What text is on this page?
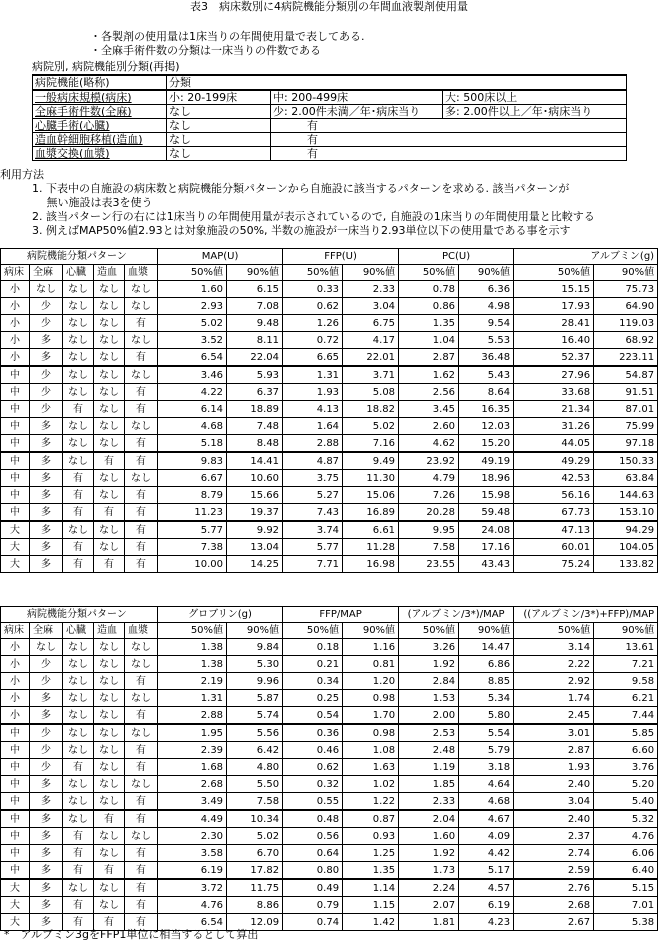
表3　病床数別に4病院機能分類別の年間血液製剤使用量
・各製剤の使用量は1床当りの年間使用量で表してある.
・全麻手術件数の分類は一床当りの件数である
病院別, 病院機能別分類(再掲)
病院機能(略称)	分類		
一般病床規模(病床)	小: 20-199床	中: 200-499床	大: 500床以上
全麻手術件数(全麻)	なし	少: 2.00件未満／年･病床当り	多: 2.00件以上／年･病床当り
心臓手術(心臓)	なし	有	
造血幹細胞移植(造血)	なし	有	
血漿交換(血漿)	なし	有	
利用方法
1. 下表中の自施設の病床数と病院機能分類パターンから自施設に該当するパターンを求める. 該当パターンが
　 無い施設は表3を使う
2. 該当パターン行の右には1床当りの年間使用量が表示されているので, 自施設の1床当りの年間使用量と比較する
3. 例えばMAP50%値2.93とは対象施設の50%, 半数の施設が一床当り2.93単位以下の使用量である事を示す
病院機能分類パターン					MAP(U)		FFP(U)		PC(U)		アルブミン(g)	
病床	全麻	心臓	造血	血漿	50%値	90%値	50%値	90%値	50%値	90%値	50%値	90%値
小	なし	なし	なし	なし	1.60	6.15	0.33	2.33	0.78	6.36	15.15	75.73
小	少	なし	なし	なし	2.93	7.08	0.62	3.04	0.86	4.98	17.93	64.90
小	少	なし	なし	有	5.02	9.48	1.26	6.75	1.35	9.54	28.41	119.03
小	多	なし	なし	なし	3.52	8.11	0.72	4.17	1.04	5.53	16.40	68.92
小	多	なし	なし	有	6.54	22.04	6.65	22.01	2.87	36.48	52.37	223.11
中	少	なし	なし	なし	3.46	5.93	1.31	3.71	1.62	5.43	27.96	54.87
中	少	なし	なし	有	4.22	6.37	1.93	5.08	2.56	8.64	33.68	91.51
中	少	有	なし	有	6.14	18.89	4.13	18.82	3.45	16.35	21.34	87.01
中	多	なし	なし	なし	4.68	7.48	1.64	5.02	2.60	12.03	31.26	75.99
中	多	なし	なし	有	5.18	8.48	2.88	7.16	4.62	15.20	44.05	97.18
中	多	なし	有	有	9.83	14.41	4.87	9.49	23.92	49.19	49.29	150.33
中	多	有	なし	なし	6.67	10.60	3.75	11.30	4.79	18.96	42.53	63.84
中	多	有	なし	有	8.79	15.66	5.27	15.06	7.26	15.98	56.16	144.63
中	多	有	有	有	11.23	19.37	7.43	16.89	20.28	59.48	67.73	153.10
大	多	なし	なし	有	5.77	9.92	3.74	6.61	9.95	24.08	47.13	94.29
大	多	有	なし	有	7.38	13.04	5.77	11.28	7.58	17.16	60.01	104.05
大	多	有	有	有	10.00	14.25	7.71	16.98	23.55	43.43	75.24	133.82
病院機能分類パターン					グロブリン(g)		FFP/MAP		(アルブミン/3*)/MAP		((アルブミン/3*)+FFP)/MAP	
病床	全麻	心臓	造血	血漿	50%値	90%値	50%値	90%値	50%値	90%値	50%値	90%値
小	なし	なし	なし	なし	1.38	9.84	0.18	1.16	3.26	14.47	3.14	13.61
小	少	なし	なし	なし	1.38	5.30	0.21	0.81	1.92	6.86	2.22	7.21
小	少	なし	なし	有	2.19	9.96	0.34	1.20	2.84	8.85	2.92	9.58
小	多	なし	なし	なし	1.31	5.87	0.25	0.98	1.53	5.34	1.74	6.21
小	多	なし	なし	有	2.88	5.74	0.54	1.70	2.00	5.80	2.45	7.44
中	少	なし	なし	なし	1.95	5.56	0.36	0.98	2.53	5.54	3.01	5.85
中	少	なし	なし	有	2.39	6.42	0.46	1.08	2.48	5.79	2.87	6.60
中	少	有	なし	有	1.68	4.80	0.62	1.63	1.19	3.18	1.93	3.76
中	多	なし	なし	なし	2.68	5.50	0.32	1.02	1.85	4.64	2.40	5.20
中	多	なし	なし	有	3.49	7.58	0.55	1.22	2.33	4.68	3.04	5.40
中	多	なし	有	有	4.49	10.34	0.48	0.87	2.04	4.67	2.40	5.32
中	多	有	なし	なし	2.30	5.02	0.56	0.93	1.60	4.09	2.37	4.76
中	多	有	なし	有	3.58	6.70	0.64	1.25	1.92	4.42	2.74	6.06
中	多	有	有	有	6.19	17.82	0.80	1.35	1.73	5.17	2.59	6.40
大	多	なし	なし	有	3.72	11.75	0.49	1.14	2.24	4.57	2.76	5.15
大	多	有	なし	有	4.76	8.86	0.79	1.15	2.07	6.19	2.68	7.01
大	多	有	有	有	6.54	12.09	0.74	1.42	1.81	4.23	2.67	5.38
*　アルブミン3gをFFP1単位に相当するとして算出
